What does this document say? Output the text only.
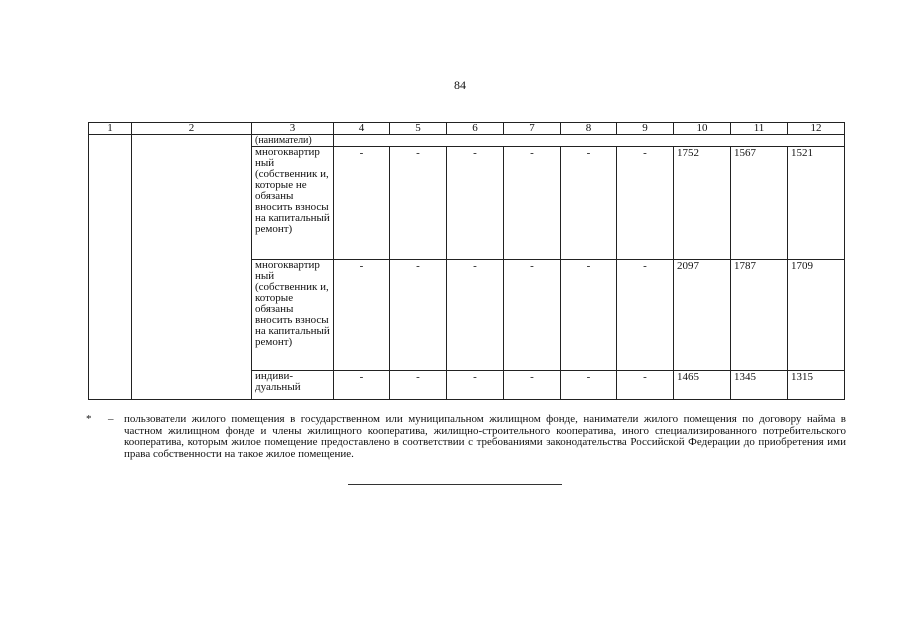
84
1	2	3	4	5	6	7	8	9	10	11	12
		(наниматели)									
		многоквартир ный (собственник и, которые не обязаны вносить взносы на капитальный ремонт)	-	-	-	-	-	-	1752	1567	1521
		многоквартир ный (собственник и, которые обязаны вносить взносы на капитальный ремонт)	-	-	-	-	-	-	2097	1787	1709
		индиви- дуальный	-	-	-	-	-	-	1465	1345	1315
* – пользователи жилого помещения в государственном или муниципальном жилищном фонде, наниматели жилого помещения по договору найма в частном жилищном фонде и члены жилищного кооператива, жилищно-строительного кооператива, иного специализированного потребительского кооператива, которым жилое помещение предоставлено в соответствии с требованиями законодательства Российской Федерации до приобретения ими права собственности на такое жилое помещение.
